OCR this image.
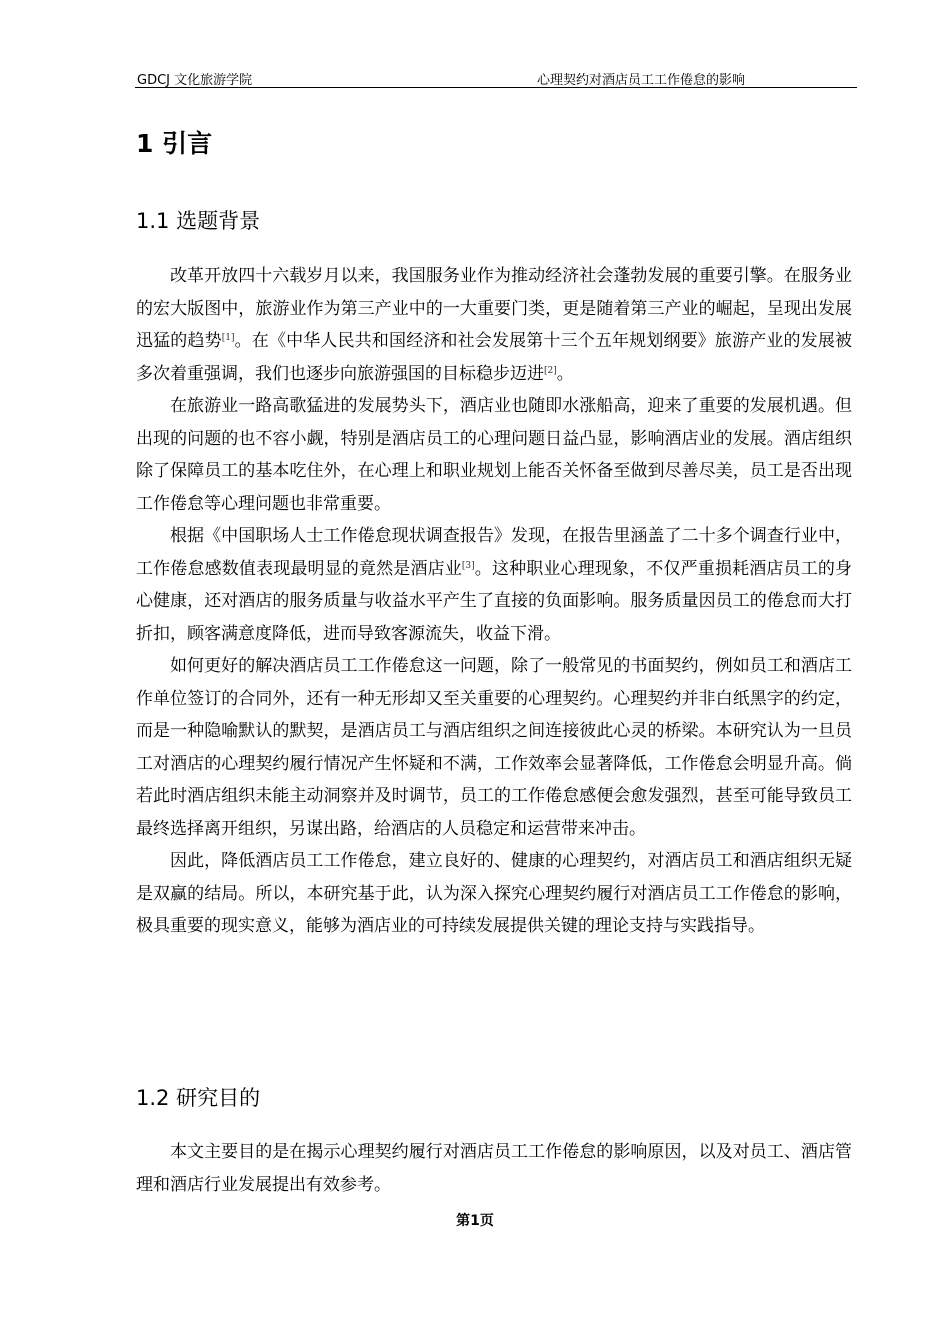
GDCJ 文化旅游学院	心理契约对酒店员工工作倦怠的影响
1 引言
1.1 选题背景

改革开放四十六载岁月以来，我国服务业作为推动经济社会蓬勃发展的重要引擎。在服务业的宏大版图中，旅游业作为第三产业中的一大重要门类，更是随着第三产业的崛起，呈现出发展迅猛的趋势[1]。在《中华人民共和国经济和社会发展第十三个五年规划纲要》旅游产业的发展被多次着重强调，我们也逐步向旅游强国的目标稳步迈进[2]。

在旅游业一路高歌猛进的发展势头下，酒店业也随即水涨船高，迎来了重要的发展机遇。但出现的问题的也不容小觑，特别是酒店员工的心理问题日益凸显，影响酒店业的发展。酒店组织除了保障员工的基本吃住外，在心理上和职业规划上能否关怀备至做到尽善尽美，员工是否出现工作倦怠等心理问题也非常重要。

根据《中国职场人士工作倦怠现状调查报告》发现，在报告里涵盖了二十多个调查行业中，工作倦怠感数值表现最明显的竟然是酒店业[3]。这种职业心理现象，不仅严重损耗酒店员工的身心健康，还对酒店的服务质量与收益水平产生了直接的负面影响。服务质量因员工的倦怠而大打折扣，顾客满意度降低，进而导致客源流失，收益下滑。

如何更好的解决酒店员工工作倦怠这一问题，除了一般常见的书面契约，例如员工和酒店工作单位签订的合同外，还有一种无形却又至关重要的心理契约。心理契约并非白纸黑字的约定，而是一种隐喻默认的默契，是酒店员工与酒店组织之间连接彼此心灵的桥梁。本研究认为一旦员工对酒店的心理契约履行情况产生怀疑和不满，工作效率会显著降低，工作倦怠会明显升高。倘若此时酒店组织未能主动洞察并及时调节，员工的工作倦怠感便会愈发强烈，甚至可能导致员工最终选择离开组织，另谋出路，给酒店的人员稳定和运营带来冲击。

因此，降低酒店员工工作倦怠，建立良好的、健康的心理契约，对酒店员工和酒店组织无疑是双赢的结局。所以，本研究基于此，认为深入探究心理契约履行对酒店员工工作倦怠的影响，极具重要的现实意义，能够为酒店业的可持续发展提供关键的理论支持与实践指导。

1.2 研究目的

本文主要目的是在揭示心理契约履行对酒店员工工作倦怠的影响原因，以及对员工、酒店管理和酒店行业发展提出有效参考。

第1页
